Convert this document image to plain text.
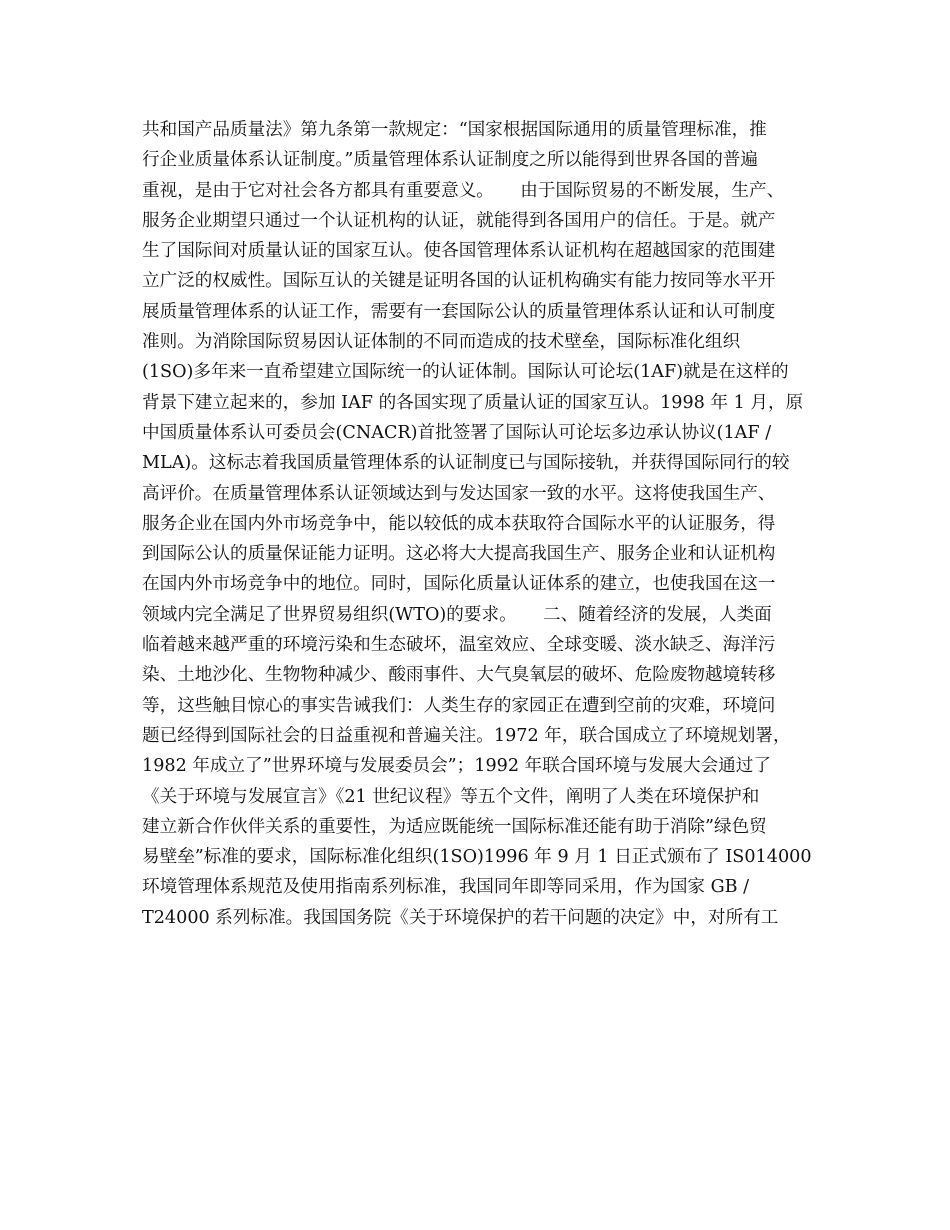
共和国产品质量法》第九条第一款规定：“国家根据国际通用的质量管理标准，推
行企业质量体系认证制度。”质量管理体系认证制度之所以能得到世界各国的普遍
重视，是由于它对社会各方都具有重要意义。　　由于国际贸易的不断发展，生产、
服务企业期望只通过一个认证机构的认证，就能得到各国用户的信任。于是。就产
生了国际间对质量认证的国家互认。使各国管理体系认证机构在超越国家的范围建
立广泛的权威性。国际互认的关键是证明各国的认证机构确实有能力按同等水平开
展质量管理体系的认证工作，需要有一套国际公认的质量管理体系认证和认可制度
准则。为消除国际贸易因认证体制的不同而造成的技术壁垒，国际标准化组织
(1SO)多年来一直希望建立国际统一的认证体制。国际认可论坛(1AF)就是在这样的
背景下建立起来的，参加 IAF 的各国实现了质量认证的国家互认。1998 年 1 月，原
中国质量体系认可委员会(CNACR)首批签署了国际认可论坛多边承认协议(1AF /
MLA)。这标志着我国质量管理体系的认证制度已与国际接轨，并获得国际同行的较
高评价。在质量管理体系认证领域达到与发达国家一致的水平。这将使我国生产、
服务企业在国内外市场竞争中，能以较低的成本获取符合国际水平的认证服务，得
到国际公认的质量保证能力证明。这必将大大提高我国生产、服务企业和认证机构
在国内外市场竞争中的地位。同时，国际化质量认证体系的建立，也使我国在这一
领域内完全满足了世界贸易组织(WTO)的要求。　　二、随着经济的发展，人类面
临着越来越严重的环境污染和生态破坏，温室效应、全球变暖、淡水缺乏、海洋污
染、土地沙化、生物物种减少、酸雨事件、大气臭氧层的破坏、危险废物越境转移
等，这些触目惊心的事实告诫我们：人类生存的家园正在遭到空前的灾难，环境问
题已经得到国际社会的日益重视和普遍关注。1972 年，联合国成立了环境规划署，
1982 年成立了”世界环境与发展委员会”；1992 年联合国环境与发展大会通过了
《关于环境与发展宣言》《21 世纪议程》等五个文件，阐明了人类在环境保护和
建立新合作伙伴关系的重要性，为适应既能统一国际标准还能有助于消除”绿色贸
易壁垒”标准的要求，国际标准化组织(1SO)1996 年 9 月 1 日正式颁布了 IS014000
环境管理体系规范及使用指南系列标准，我国同年即等同采用，作为国家 GB /
T24000 系列标准。我国国务院《关于环境保护的若干问题的决定》中，对所有工
